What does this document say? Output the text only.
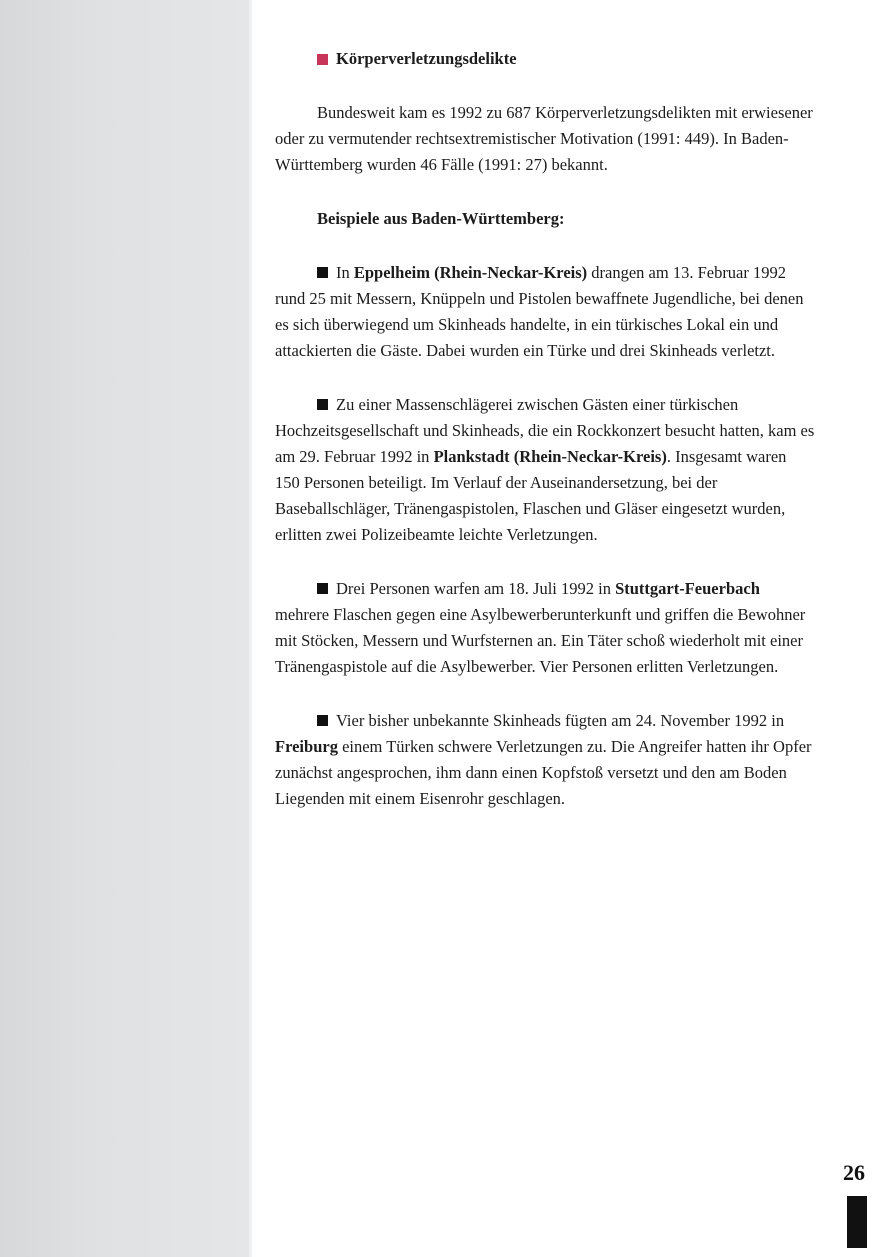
Körperverletzungsdelikte

Bundesweit kam es 1992 zu 687 Körperverletzungsdelikten mit erwiesener oder zu vermutender rechtsextremistischer Motivation (1991: 449). In Baden-Württemberg wurden 46 Fälle (1991: 27) bekannt.

Beispiele aus Baden-Württemberg:

In Eppelheim (Rhein-Neckar-Kreis) drangen am 13. Februar 1992 rund 25 mit Messern, Knüppeln und Pistolen bewaffnete Jugendliche, bei denen es sich überwiegend um Skinheads handelte, in ein türkisches Lokal ein und attackierten die Gäste. Dabei wurden ein Türke und drei Skinheads verletzt.

Zu einer Massenschlägerei zwischen Gästen einer türkischen Hochzeitsgesellschaft und Skinheads, die ein Rockkonzert besucht hatten, kam es am 29. Februar 1992 in Plankstadt (Rhein-Neckar-Kreis). Insgesamt waren 150 Personen beteiligt. Im Verlauf der Auseinandersetzung, bei der Baseballschläger, Tränengaspistolen, Flaschen und Gläser eingesetzt wurden, erlitten zwei Polizeibeamte leichte Verletzungen.

Drei Personen warfen am 18. Juli 1992 in Stuttgart-Feuerbach mehrere Flaschen gegen eine Asylbewerberunterkunft und griffen die Bewohner mit Stöcken, Messern und Wurfsternen an. Ein Täter schoß wiederholt mit einer Tränengaspistole auf die Asylbewerber. Vier Personen erlitten Verletzungen.

Vier bisher unbekannte Skinheads fügten am 24. November 1992 in Freiburg einem Türken schwere Verletzungen zu. Die Angreifer hatten ihr Opfer zunächst angesprochen, ihm dann einen Kopfstoß versetzt und den am Boden Liegenden mit einem Eisenrohr geschlagen.

26
